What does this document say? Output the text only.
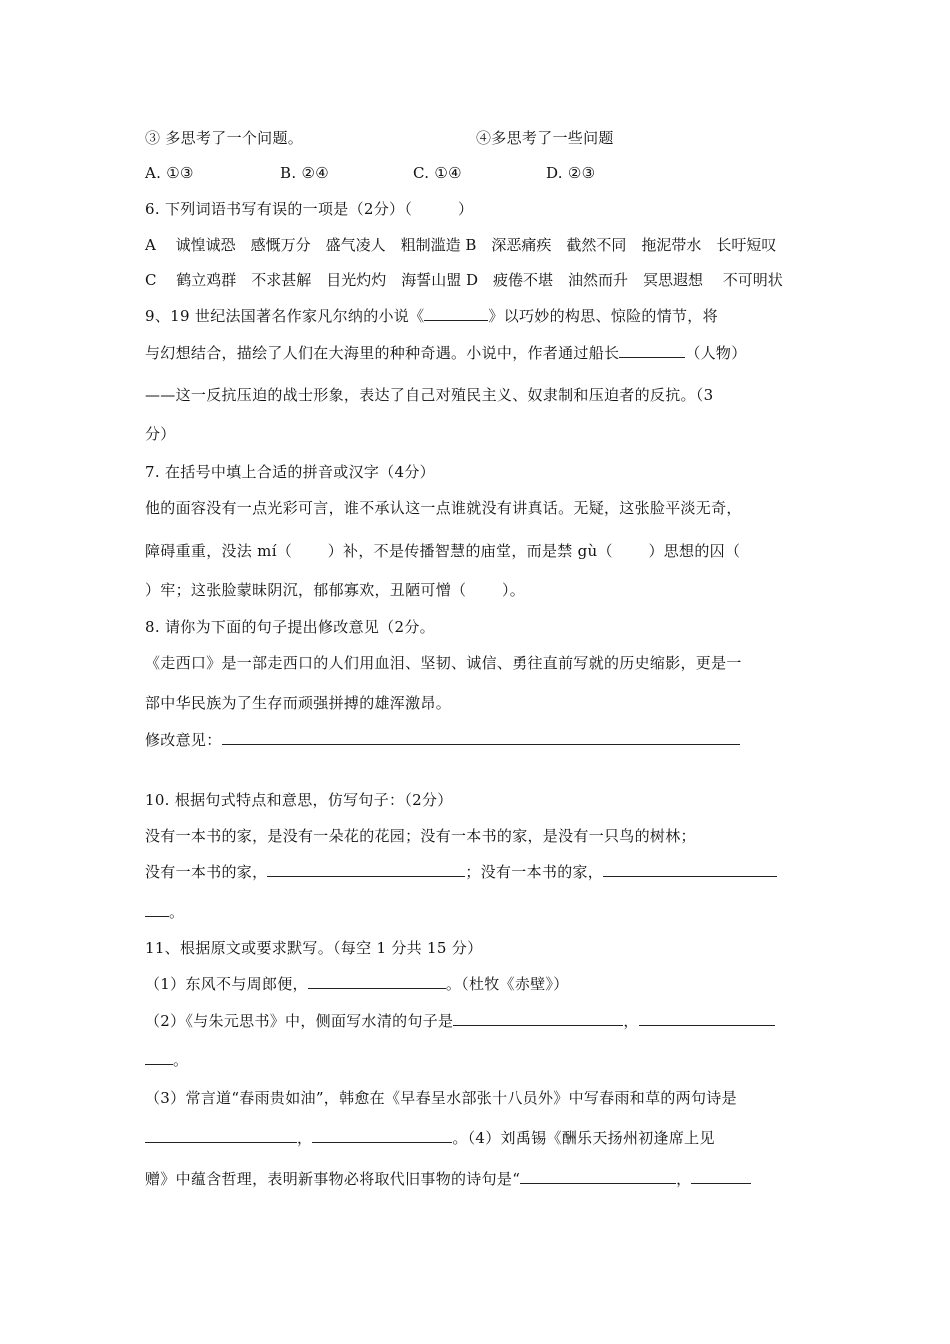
③ 多思考了一个问题。	④多思考了一些问题
A. ①③	B. ②④	C. ①④	D. ②③
6. 下列词语书写有误的一项是（2分）（　　　）
A　 诚惶诚恐　感慨万分　盛气凌人　粗制滥造 B　深恶痛疾　截然不同　拖泥带水　长吁短叹
C　 鹤立鸡群　不求甚解　目光灼灼　海誓山盟 D　疲倦不堪　油然而升　冥思遐想　 不可明状
9、19 世纪法国著名作家凡尔纳的小说《	》以巧妙的构思、惊险的情节，将
与幻想结合，描绘了人们在大海里的种种奇遇。小说中，作者通过船长	（人物）
——这一反抗压迫的战士形象，表达了自己对殖民主义、奴隶制和压迫者的反抗。（3
分）
7. 在括号中填上合适的拼音或汉字（4分）
他的面容没有一点光彩可言，谁不承认这一点谁就没有讲真话。无疑，这张脸平淡无奇，
障碍重重，没法 mí（　　 ）补，不是传播智慧的庙堂，而是禁 gù（　　 ）思想的囚（
）牢；这张脸蒙昧阴沉，郁郁寡欢，丑陋可憎（　　 ）。
8. 请你为下面的句子提出修改意见（2分。
《走西口》是一部走西口的人们用血泪、坚韧、诚信、勇往直前写就的历史缩影，更是一
部中华民族为了生存而顽强拼搏的雄浑激昂。
修改意见：
10. 根据句式特点和意思，仿写句子：（2分）
没有一本书的家，是没有一朵花的花园；没有一本书的家，是没有一只鸟的树林；
没有一本书的家，	；没有一本书的家，
。
11、根据原文或要求默写。（每空 1 分共 15 分）
（1）东风不与周郎便，	。（杜牧《赤壁》）
（2）《与朱元思书》中，侧面写水清的句子是	，
。
（3）常言道“春雨贵如油”，韩愈在《早春呈水部张十八员外》中写春雨和草的两句诗是
，	。（4）刘禹锡《酬乐天扬州初逢席上见
赠》中蕴含哲理，表明新事物必将取代旧事物的诗句是“	，
